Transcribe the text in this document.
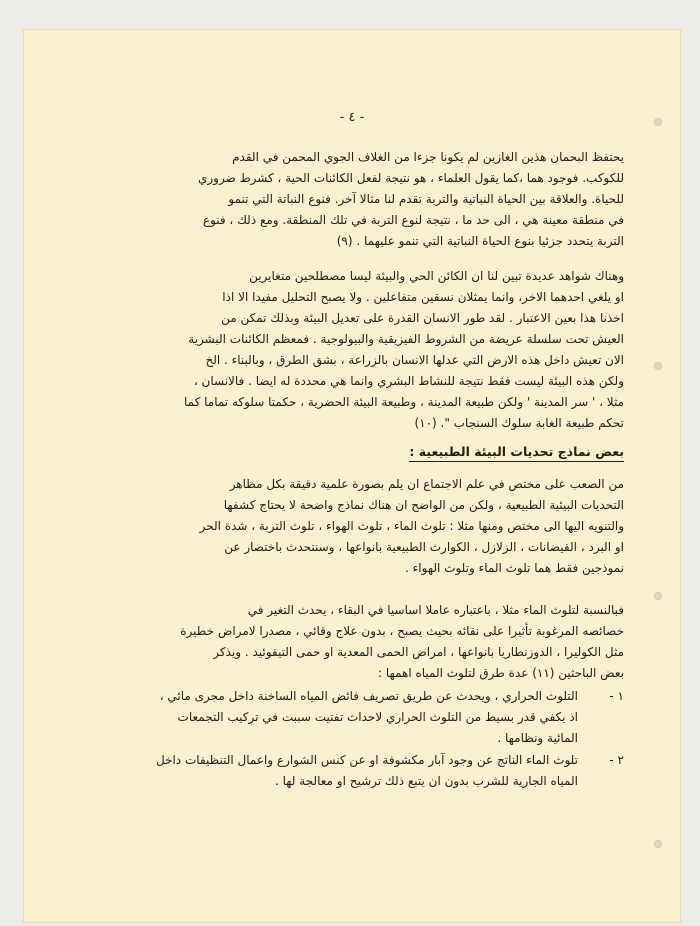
- ٤ -

يحتفظ البحمان هذين الغازين لم يكونا جزءا من الغلاف الجوي المحمن في القدم

للكوكب. فوجود هما ،كما يقول العلماء ، هو نتيجة لفعل الكائنات الحية ، كشرط ضروري

للحياة. والعلاقة بين الحياة النباتية والتربة تقدم لنا مثالا آخر. فنوع النباتة التي تنمو

في منطقة معينة هي ، الى حد ما ، نتيجة لنوع التربة في تلك المنطقة. ومع ذلك ، فنوع

التربة يتحدد جزئيا بنوع الحياة النباتية التي تنمو عليهما . (٩)

وهناك شواهد عديدة تبين لنا ان الكائن الحي والبيئة ليسا مصطلحين متغايرين

او يلغي احدهما الاخر، وانما يمثلان نسقين متفاعلين . ولا يصبح التحليل مفيدا الا اذا

اخذنا هذا بعين الاعتبار . لقد طور الانسان القدرة على تعديل البيئة وبذلك تمكن من

العيش تحت سلسلة عريضة من الشروط الفيزيقية والبيولوجية . فمعظم الكائنات البشرية

الان تعيش داخل هذه الارض التي عدلها الانسان بالزراعة ، بشق الطرق ، وبالبناء . الخ

ولكن هذه البيئة ليست فقط نتيجة للنشاط البشري وانما هي محددة له ايضا . فالانسان ،

مثلا ، ' سر المدينة ' ولكن طبيعة المدينة ، وطبيعة البيئة الحضرية ، حكمتا سلوكه تماما كما

تحكم طبيعة الغابة سلوك السنجاب ". (١٠)

بعض نماذج تحديات البيئة الطبيعية :

من الصعب على مختص في علم الاجتماع ان يلم بصورة علمية دقيقة بكل مظاهر

التحديات البيئية الطبيعية ، ولكن من الواضح ان هناك نماذج واضحة لا يحتاج كشفها

والتنويه اليها الى مختص ومنها مثلا : تلوث الماء ، تلوث الهواء ، تلوث التربة ، شدة الحر

او البرد ، الفيضانات ، الزلازل ، الكوارث الطبيعية بانواعها ، وسنتحدث باختصار عن

نموذجين فقط هما تلوث الماء وتلوث الهواء .

فبالنسبة لتلوث الماء مثلا ، باعتباره عاملا اساسيا في البقاء ، يحدث التغير في

خصائصه المرغوبة تأثيرا على نقائه بحيث يصبح ، بدون علاج وقائي ، مصدرا لامراض خطيرة

مثل الكوليرا ، الدوزنطاريا بانواعها ، امراض الحمى المعدية او حمى التيفوئيد . ويذكر

بعض الباحثين (١١) عدة طرق لتلوث المياه اهمها :

١ -

التلوث الحراري ، ويحدث عن طريق تصريف فائض المياه الساخنة داخل مجرى مائي ،

اذ يكفي قدر بسيط من التلوث الحراري لاحداث تفتيت سببت في تركيب التجمعات

المائية ونظامها .

٢ -

تلوث الماء الناتج عن وجود آبار مكشوفة او عن كنس الشوارع واعمال التنظيفات داخل

المياه الجارية للشرب بدون ان يتبع ذلك ترشيح او معالجة لها .
